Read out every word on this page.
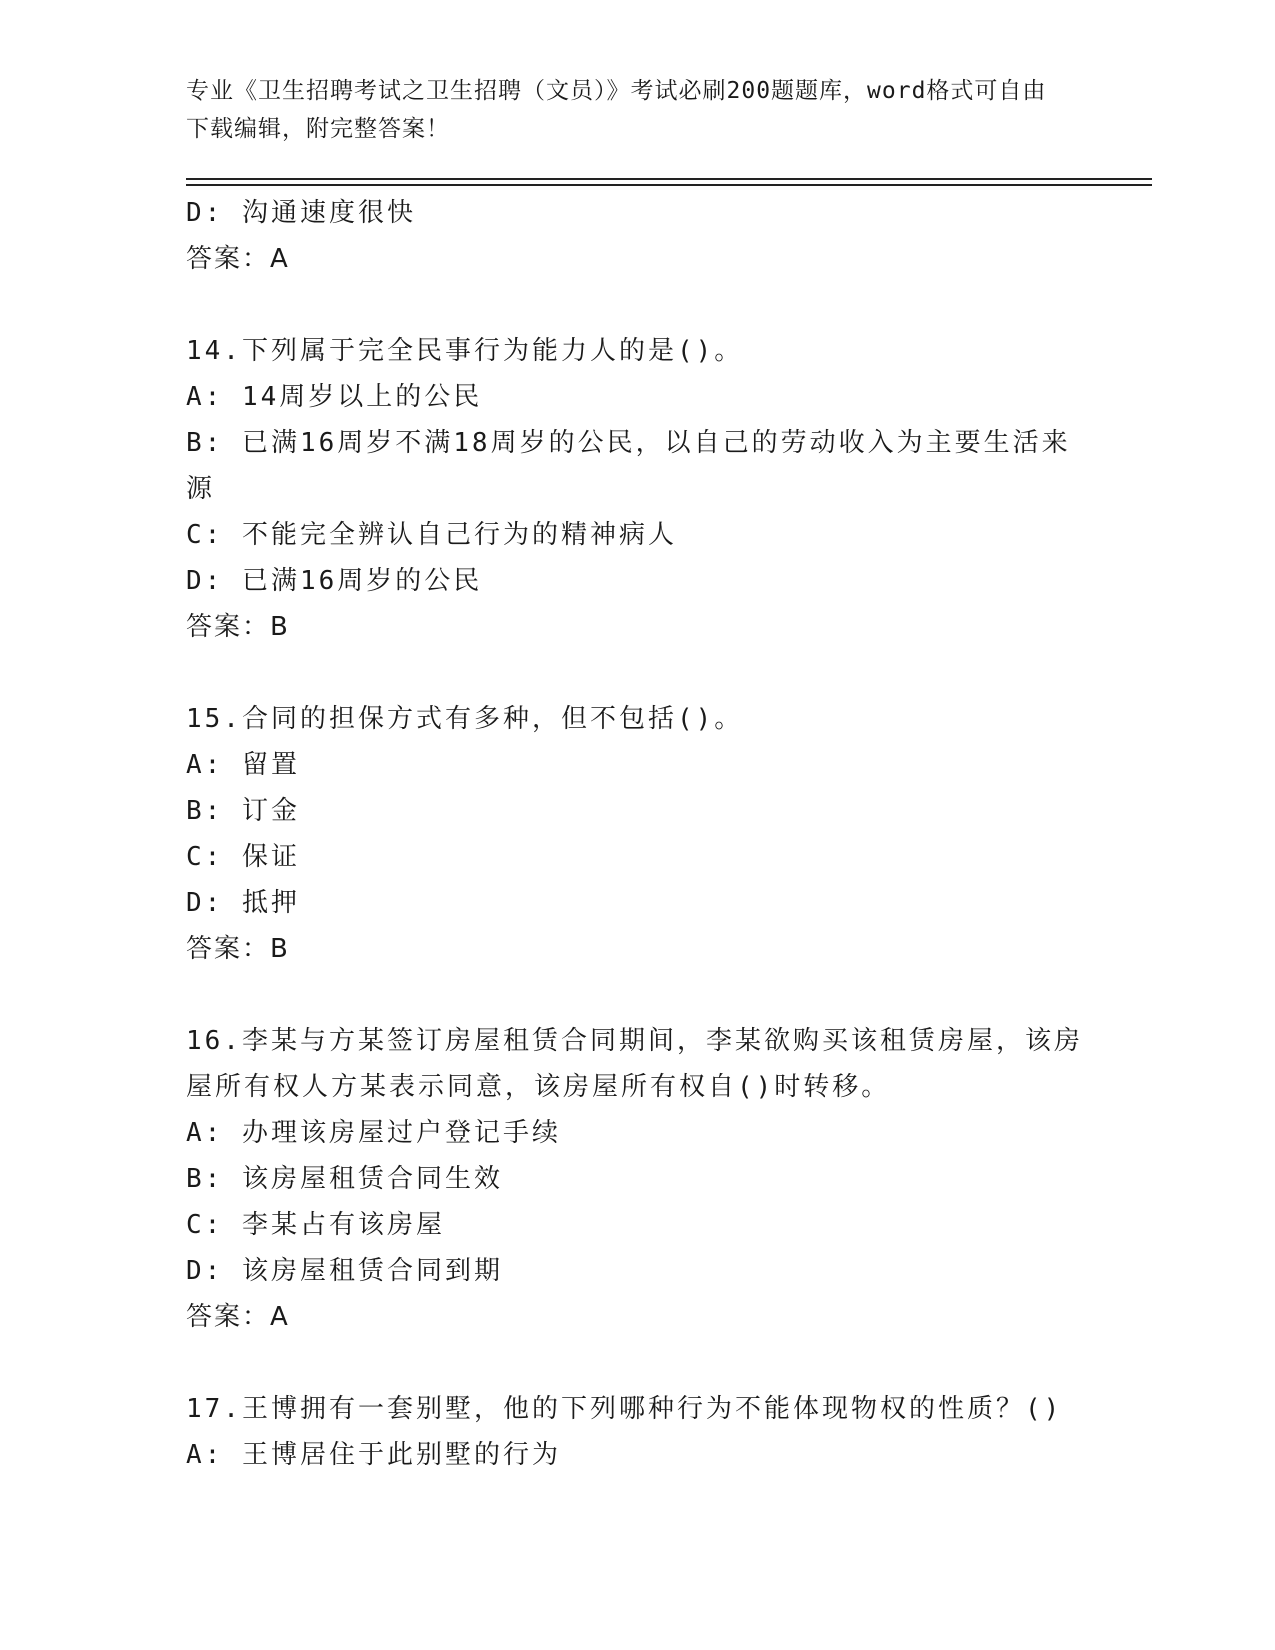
专业《卫生招聘考试之卫生招聘（文员）》考试必刷200题题库，word格式可自由下载编辑，附完整答案！
D: 沟通速度很快
答案：A
14.下列属于完全民事行为能力人的是()。
A: 14周岁以上的公民
B: 已满16周岁不满18周岁的公民，以自己的劳动收入为主要生活来源
C: 不能完全辨认自己行为的精神病人
D: 已满16周岁的公民
答案：B
15.合同的担保方式有多种，但不包括()。
A: 留置
B: 订金
C: 保证
D: 抵押
答案：B
16.李某与方某签订房屋租赁合同期间，李某欲购买该租赁房屋，该房屋所有权人方某表示同意，该房屋所有权自()时转移。
A: 办理该房屋过户登记手续
B: 该房屋租赁合同生效
C: 李某占有该房屋
D: 该房屋租赁合同到期
答案：A
17.王博拥有一套别墅，他的下列哪种行为不能体现物权的性质？()
A: 王博居住于此别墅的行为
